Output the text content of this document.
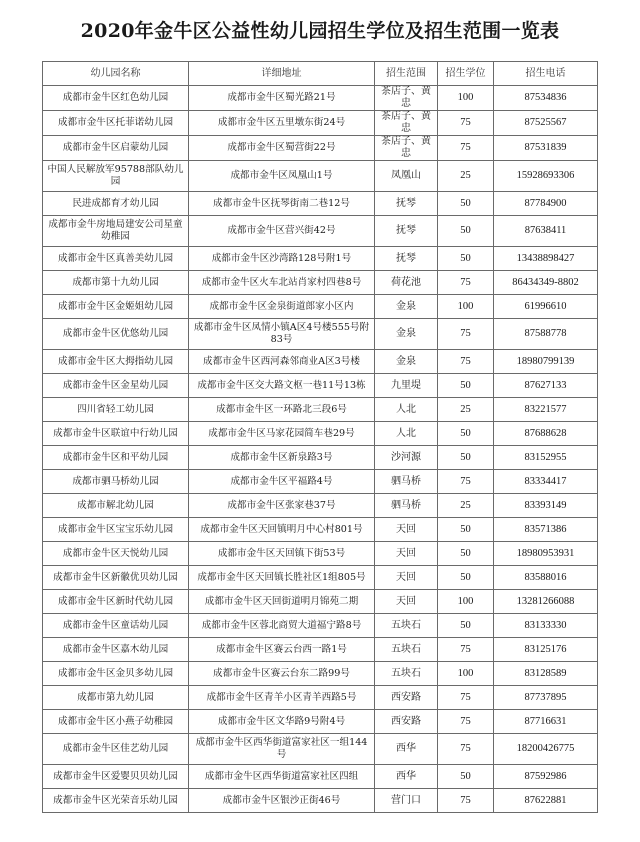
2020年金牛区公益性幼儿园招生学位及招生范围一览表
幼儿园名称	详细地址	招生范围	招生学位	招生电话
成都市金牛区红色幼儿园	成都市金牛区蜀光路21号	茶店子、黄忠	100	87534836
成都市金牛区托菲诺幼儿园	成都市金牛区五里墩东街24号	茶店子、黄忠	75	87525567
成都市金牛区启蒙幼儿园	成都市金牛区蜀营街22号	茶店子、黄忠	75	87531839
中国人民解放军95788部队幼儿园	成都市金牛区凤凰山1号	凤凰山	25	15928693306
民进成都育才幼儿园	成都市金牛区抚琴街南二巷12号	抚琴	50	87784900
成都市金牛房地局建安公司星童幼稚园	成都市金牛区营兴街42号	抚琴	50	87638411
成都市金牛区真善美幼儿园	成都市金牛区沙湾路128号附1号	抚琴	50	13438898427
成都市第十九幼儿园	成都市金牛区火车北站肖家村四巷8号	荷花池	75	86434349-8802
成都市金牛区金姬姐幼儿园	成都市金牛区金泉街道郎家小区内	金泉	100	61996610
成都市金牛区优悠幼儿园	成都市金牛区凤情小镇A区4号楼555号附83号	金泉	75	87588778
成都市金牛区大拇指幼儿园	成都市金牛区西河森邻商业A区3号楼	金泉	75	18980799139
成都市金牛区金星幼儿园	成都市金牛区交大路文枢一巷11号13栋	九里堤	50	87627133
四川省轻工幼儿园	成都市金牛区一环路北三段6号	人北	25	83221577
成都市金牛区联谊中行幼儿园	成都市金牛区马家花园简车巷29号	人北	50	87688628
成都市金牛区和平幼儿园	成都市金牛区新泉路3号	沙河源	50	83152955
成都市驷马桥幼儿园	成都市金牛区平福路4号	驷马桥	75	83334417
成都市解北幼儿园	成都市金牛区张家巷37号	驷马桥	25	83393149
成都市金牛区宝宝乐幼儿园	成都市金牛区天回镇明月中心村801号	天回	50	83571386
成都市金牛区天悦幼儿园	成都市金牛区天回镇下街53号	天回	50	18980953931
成都市金牛区新徽优贝幼儿园	成都市金牛区天回镇长胜社区1组805号	天回	50	83588016
成都市金牛区新时代幼儿园	成都市金牛区天回街道明月锦苑二期	天回	100	13281266088
成都市金牛区童话幼儿园	成都市金牛区蓉北商贸大道福宁路8号	五块石	50	83133330
成都市金牛区嘉木幼儿园	成都市金牛区赛云台西一路1号	五块石	75	83125176
成都市金牛区金贝多幼儿园	成都市金牛区赛云台东二路99号	五块石	100	83128589
成都市第九幼儿园	成都市金牛区青羊小区青羊西路5号	西安路	75	87737895
成都市金牛区小燕子幼稚园	成都市金牛区文华路9号附4号	西安路	75	87716631
成都市金牛区佳艺幼儿园	成都市金牛区西华街道富家社区一组144号	西华	75	18200426775
成都市金牛区爱婴贝贝幼儿园	成都市金牛区西华街道富家社区四组	西华	50	87592986
成都市金牛区光荣音乐幼儿园	成都市金牛区银沙正街46号	营门口	75	87622881
